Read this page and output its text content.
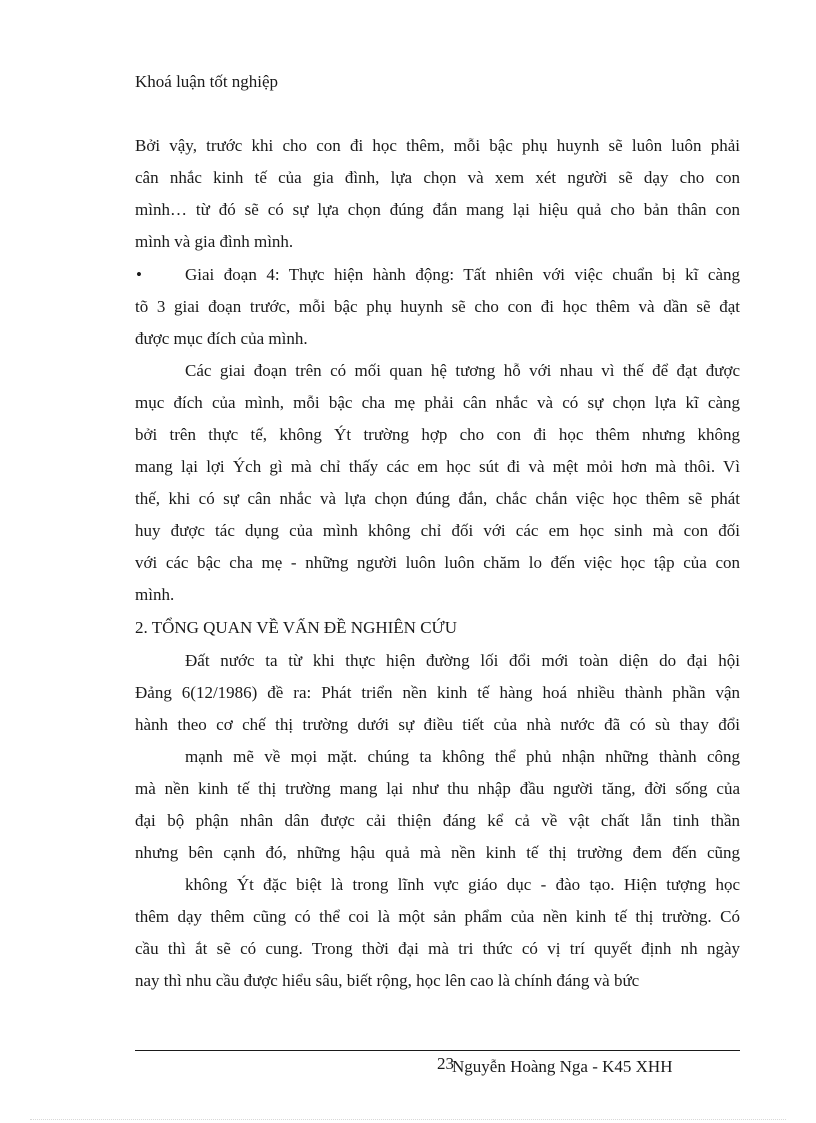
Khoá luận tốt nghiệp
Bởi vậy, trước khi cho con đi học thêm, mỗi bậc phụ huynh sẽ luôn luôn phải
cân nhắc kinh tế của gia đình, lựa chọn và xem xét người sẽ dạy cho con
mình… từ đó sẽ có sự lựa chọn đúng đắn mang lại hiệu quả cho bản thân con
mình và gia đình mình.
•	Giai đoạn 4: Thực hiện hành động: Tất nhiên với việc chuẩn bị kĩ càng
tõ 3 giai đoạn trước, mỗi bậc phụ huynh sẽ cho con đi học thêm và dần sẽ đạt
được mục đích của mình.
Các giai đoạn trên có mối quan hệ tương hỗ với nhau vì thế để đạt được
mục đích của mình, mỗi bậc cha mẹ phải cân nhắc và có sự chọn lựa kĩ càng
bởi trên thực tế, không Ýt trường hợp cho con đi học thêm nhưng không
mang lại lợi Ých gì mà chỉ thấy các em học sút đi và mệt mỏi hơn mà thôi. Vì
thế, khi có sự cân nhắc và lựa chọn đúng đắn, chắc chắn việc học thêm sẽ phát
huy được tác dụng của mình không chỉ đối với các em học sinh mà con đối
với các bậc cha mẹ - những người luôn luôn chăm lo đến việc học tập của con
mình.
2. TỔNG QUAN VỀ VẤN ĐỀ NGHIÊN CỨU
Đất nước ta từ khi thực hiện đường lối đổi mới toàn diện do đại hội
Đảng 6(12/1986) đề ra: Phát triển nền kinh tế hàng hoá nhiều thành phần vận
hành theo cơ chế thị trường dưới sự điều tiết của nhà nước đã có sù thay đổi
mạnh mẽ về mọi mặt. chúng ta không thể phủ nhận những thành công
mà nền kinh tế thị trường mang lại như thu nhập đầu người tăng, đời sống của
đại bộ phận nhân dân được cải thiện đáng kể cả về vật chất lẫn tinh thần
nhưng bên cạnh đó, những hậu quả mà nền kinh tế thị trường đem đến cũng
không Ýt đặc biệt là trong lĩnh vực giáo dục - đào tạo. Hiện tượng học
thêm dạy thêm cũng có thể coi là một sản phẩm của nền kinh tế thị trường. Có
cầu thì ắt sẽ có cung. Trong thời đại mà tri thức có vị trí quyết định nh ngày
nay thì nhu cầu được hiểu sâu, biết rộng, học lên cao là chính đáng và bức
23
Nguyễn Hoàng Nga - K45 XHH
